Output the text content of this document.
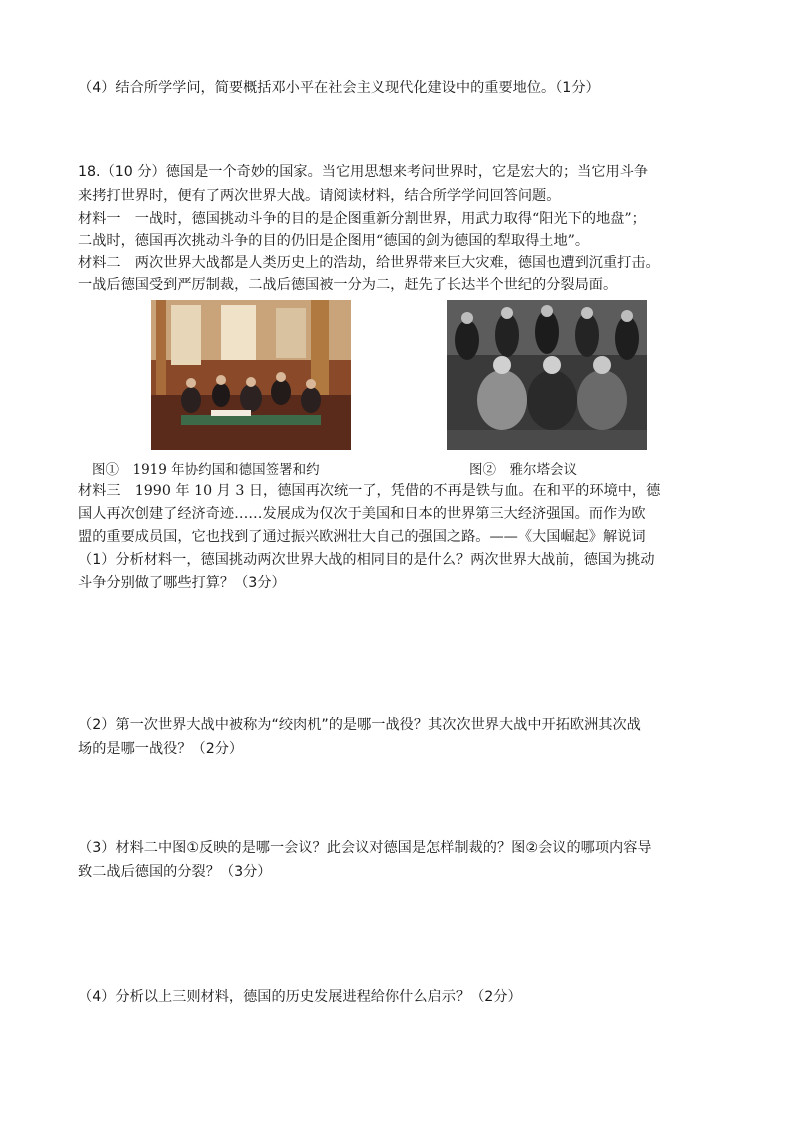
（4）结合所学学问，简要概括邓小平在社会主义现代化建设中的重要地位。（1分）
18.（10 分）德国是一个奇妙的国家。当它用思想来考问世界时，它是宏大的；当它用斗争
来拷打世界时，便有了两次世界大战。请阅读材料，结合所学学问回答问题。
材料一　一战时，德国挑动斗争的目的是企图重新分割世界，用武力取得“阳光下的地盘”；
二战时，德国再次挑动斗争的目的仍旧是企图用“德国的剑为德国的犁取得土地”。
材料二　两次世界大战都是人类历史上的浩劫，给世界带来巨大灾难，德国也遭到沉重打击。
一战后德国受到严厉制裁，二战后德国被一分为二，赶先了长达半个世纪的分裂局面。
图①　1919 年协约国和德国签署和约	图②　雅尔塔会议
材料三　1990 年 10 月 3 日，德国再次统一了，凭借的不再是铁与血。在和平的环境中，德
国人再次创建了经济奇迹……发展成为仅次于美国和日本的世界第三大经济强国。而作为欧
盟的重要成员国，它也找到了通过振兴欧洲壮大自己的强国之路。——《大国崛起》解说词
（1）分析材料一，德国挑动两次世界大战的相同目的是什么？两次世界大战前，德国为挑动
斗争分别做了哪些打算？（3分）
（2）第一次世界大战中被称为“绞肉机”的是哪一战役？其次次世界大战中开拓欧洲其次战
场的是哪一战役？（2分）
（3）材料二中图①反映的是哪一会议？此会议对德国是怎样制裁的？图②会议的哪项内容导
致二战后德国的分裂？（3分）
（4）分析以上三则材料，德国的历史发展进程给你什么启示？（2分）
